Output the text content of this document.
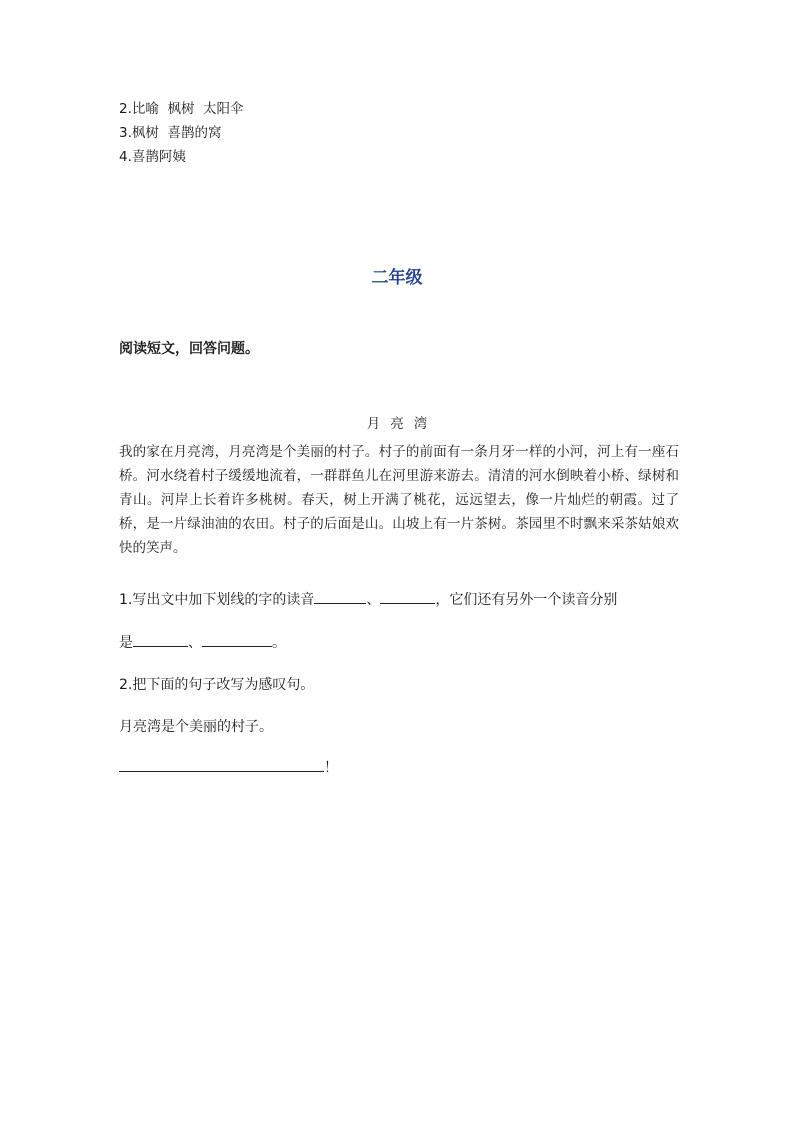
2.比喻  枫树  太阳伞
3.枫树  喜鹊的窝
4.喜鹊阿姨
二年级
阅读短文，回答问题。
月亮湾
我的家在月亮湾，月亮湾是个美丽的村子。村子的前面有一条月牙一样的小河，河上有一座石桥。河水绕着村子缓缓地流着，一群群鱼儿在河里游来游去。清清的河水倒映着小桥、绿树和青山。河岸上长着许多桃树。春天，树上开满了桃花，远远望去，像一片灿烂的朝霞。过了桥，是一片绿油油的农田。村子的后面是山。山坡上有一片茶树。茶园里不时飘来采茶姑娘欢快的笑声。
1.写出文中加下划线的字的读音	、	，它们还有另外一个读音分别
是	、	。
2.把下面的句子改写为感叹句。
月亮湾是个美丽的村子。
！
